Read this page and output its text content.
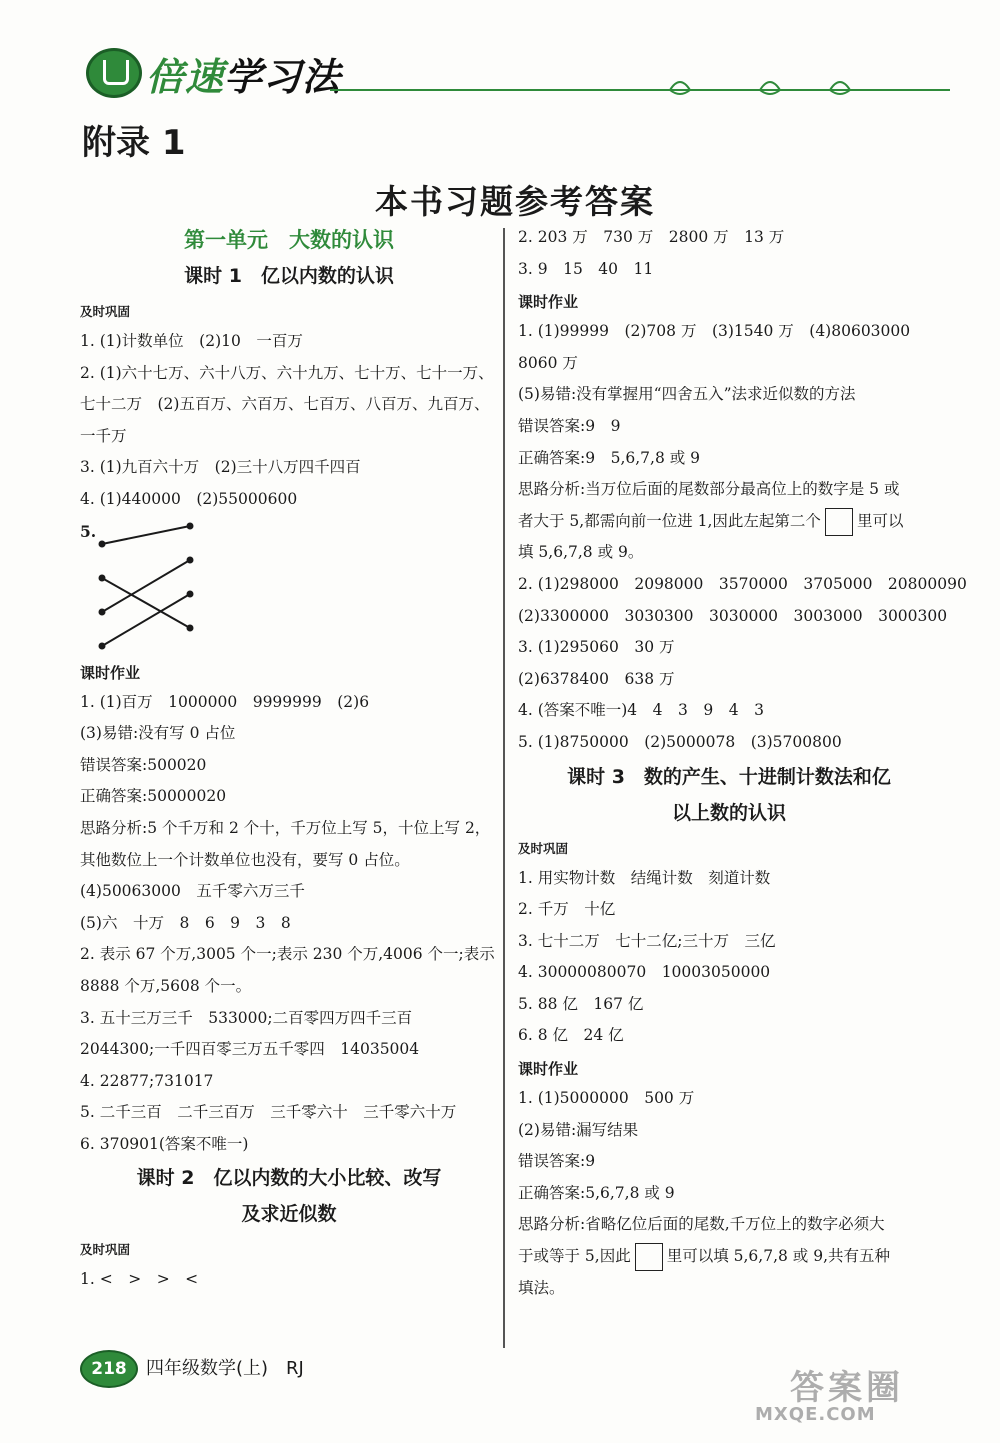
倍速学习法
附录 1
本书习题参考答案
第一单元　大数的认识
课时 1　亿以内数的认识
及时巩固
1. (1)计数单位　(2)10　一百万
2. (1)六十七万、六十八万、六十九万、七十万、七十一万、七十二万　(2)五百万、六百万、七百万、八百万、九百万、一千万
3. (1)九百六十万　(2)三十八万四千四百
4. (1)440000　(2)55000600
5.
课时作业
1. (1)百万　1000000　9999999　(2)6
(3)易错:没有写 0 占位
错误答案:500020
正确答案:50000020
思路分析:5 个千万和 2 个十，千万位上写 5，十位上写 2，其他数位上一个计数单位也没有，要写 0 占位。
(4)50063000　五千零六万三千
(5)六　十万　8　6　9　3　8
2. 表示 67 个万,3005 个一;表示 230 个万,4006 个一;表示 8888 个万,5608 个一。
3. 五十三万三千　533000;二百零四万四千三百　2044300;一千四百零三万五千零四　14035004
4. 22877;731017
5. 二千三百　二千三百万　三千零六十　三千零六十万
6. 370901(答案不唯一)
课时 2　亿以内数的大小比较、改写
及求近似数
及时巩固
1. <　>　>　<
2. 203 万　730 万　2800 万　13 万
3. 9　15　40　11
课时作业
1. (1)99999　(2)708 万　(3)1540 万　(4)80603000
8060 万
(5)易错:没有掌握用“四舍五入”法求近似数的方法
错误答案:9　9
正确答案:9　5,6,7,8 或 9
思路分析:当万位后面的尾数部分最高位上的数字是 5 或
者大于 5,都需向前一位进 1,因此左起第二个 里可以
填 5,6,7,8 或 9。
2. (1)298000　2098000　3570000　3705000　20800090
(2)3300000　3030300　3030000　3003000　3000300
3. (1)295060　30 万
(2)6378400　638 万
4. (答案不唯一)4　4　3　9　4　3
5. (1)8750000　(2)5000078　(3)5700800
课时 3　数的产生、十进制计数法和亿
以上数的认识
及时巩固
1. 用实物计数　结绳计数　刻道计数
2. 千万　十亿
3. 七十二万　七十二亿;三十万　三亿
4. 30000080070　10003050000
5. 88 亿　167 亿
6. 8 亿　24 亿
课时作业
1. (1)5000000　500 万
(2)易错:漏写结果
错误答案:9
正确答案:5,6,7,8 或 9
思路分析:省略亿位后面的尾数,千万位上的数字必须大
于或等于 5,因此 里可以填 5,6,7,8 或 9,共有五种
填法。
218	四年级数学(上)　RJ	答案圈
MXQE.COM
